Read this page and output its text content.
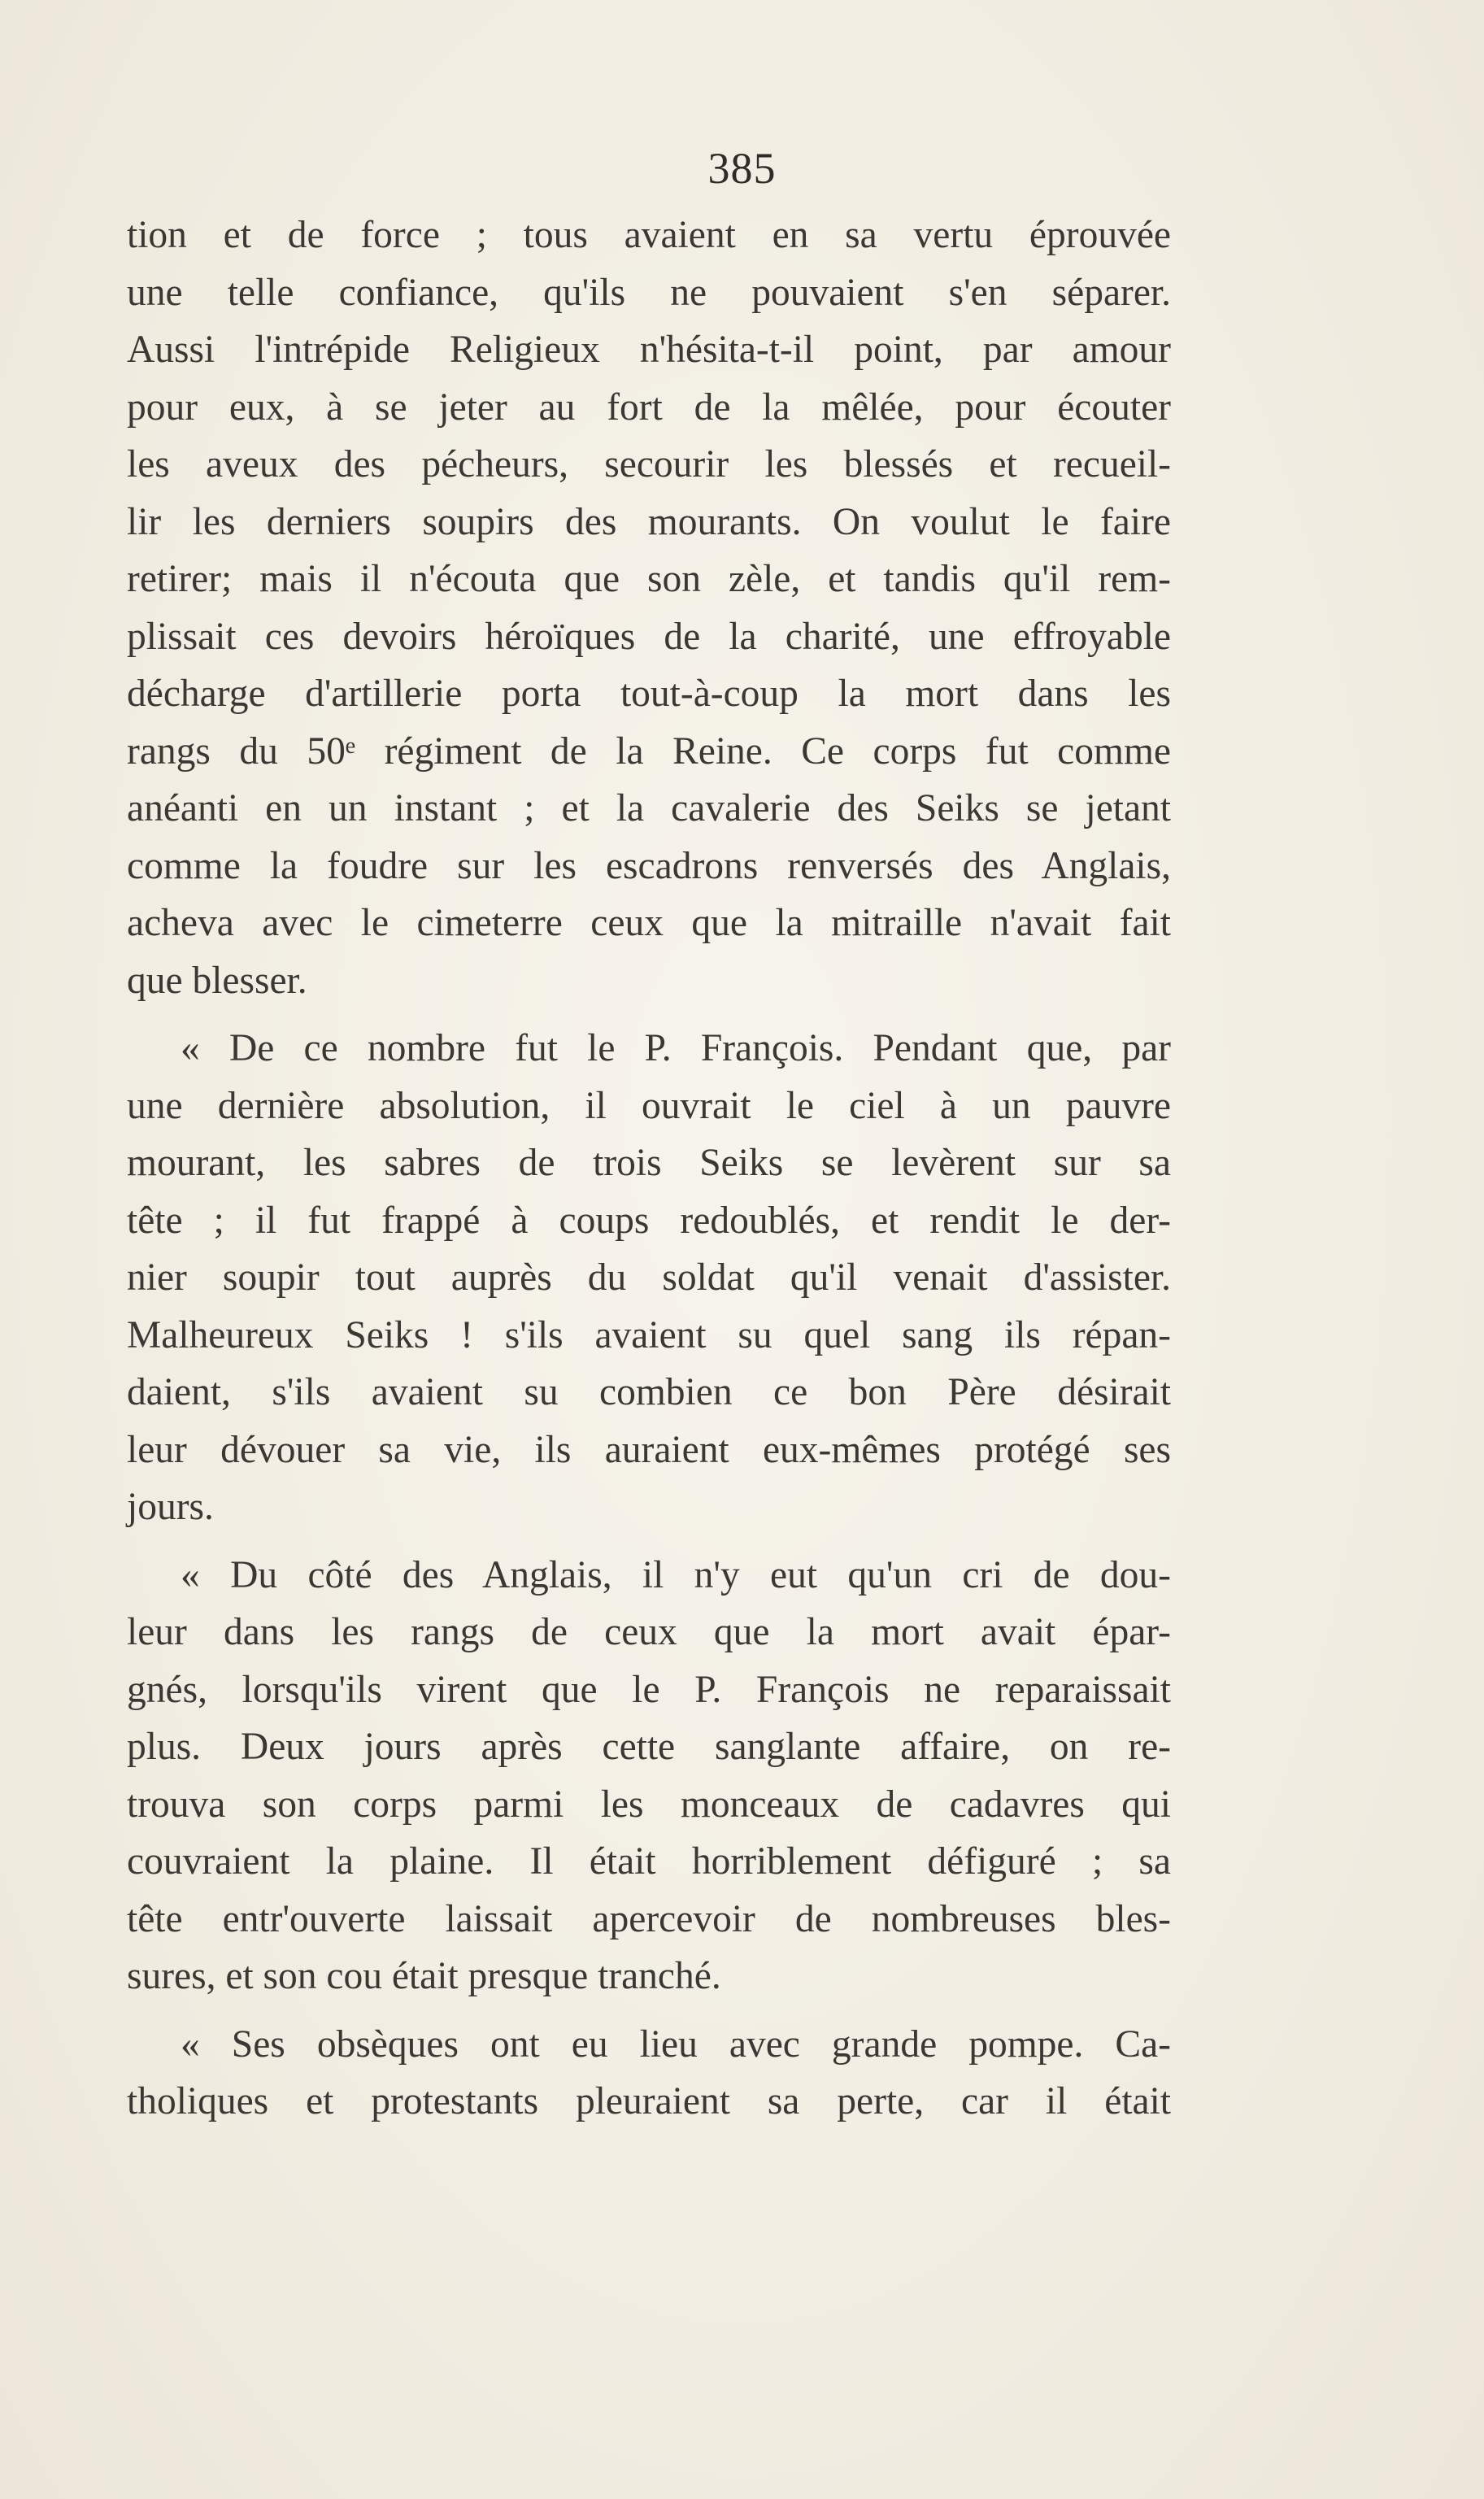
385
tion et de force ; tous avaient en sa vertu éprouvée
une telle confiance, qu'ils ne pouvaient s'en séparer.
Aussi l'intrépide Religieux n'hésita-t-il point, par amour
pour eux, à se jeter au fort de la mêlée, pour écouter
les aveux des pécheurs, secourir les blessés et recueil-
lir les derniers soupirs des mourants. On voulut le faire
retirer; mais il n'écouta que son zèle, et tandis qu'il rem-
plissait ces devoirs héroïques de la charité, une effroyable
décharge d'artillerie porta tout-à-coup la mort dans les
rangs du 50ᵉ régiment de la Reine. Ce corps fut comme
anéanti en un instant ; et la cavalerie des Seiks se jetant
comme la foudre sur les escadrons renversés des Anglais,
acheva avec le cimeterre ceux que la mitraille n'avait fait
que blesser.
« De ce nombre fut le P. François. Pendant que, par
une dernière absolution, il ouvrait le ciel à un pauvre
mourant, les sabres de trois Seiks se levèrent sur sa
tête ; il fut frappé à coups redoublés, et rendit le der-
nier soupir tout auprès du soldat qu'il venait d'assister.
Malheureux Seiks ! s'ils avaient su quel sang ils répan-
daient, s'ils avaient su combien ce bon Père désirait
leur dévouer sa vie, ils auraient eux-mêmes protégé ses
jours.
« Du côté des Anglais, il n'y eut qu'un cri de dou-
leur dans les rangs de ceux que la mort avait épar-
gnés, lorsqu'ils virent que le P. François ne reparaissait
plus. Deux jours après cette sanglante affaire, on re-
trouva son corps parmi les monceaux de cadavres qui
couvraient la plaine. Il était horriblement défiguré ; sa
tête entr'ouverte laissait apercevoir de nombreuses bles-
sures, et son cou était presque tranché.
« Ses obsèques ont eu lieu avec grande pompe. Ca-
tholiques et protestants pleuraient sa perte, car il était
